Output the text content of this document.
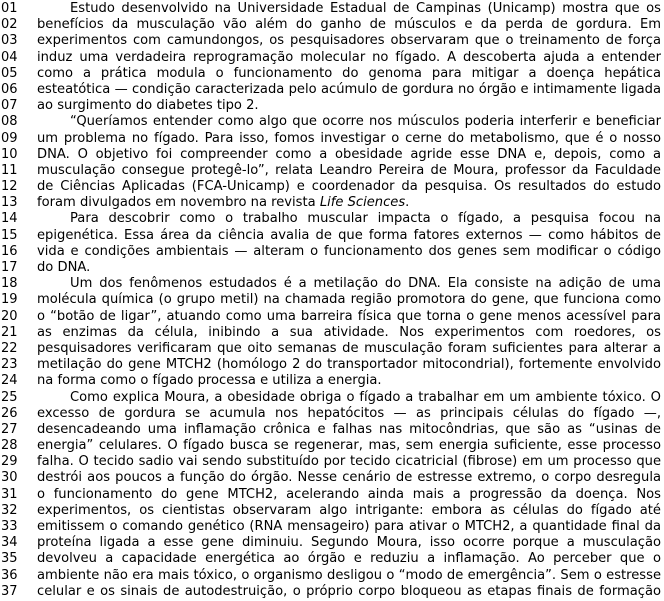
01	Estudo desenvolvido na Universidade Estadual de Campinas (Unicamp) mostra que os
02	benefícios da musculação vão além do ganho de músculos e da perda de gordura. Em
03	experimentos com camundongos, os pesquisadores observaram que o treinamento de força
04	induz uma verdadeira reprogramação molecular no fígado. A descoberta ajuda a entender
05	como a prática modula o funcionamento do genoma para mitigar a doença hepática
06	esteatótica — condição caracterizada pelo acúmulo de gordura no órgão e intimamente ligada
07	ao surgimento do diabetes tipo 2.
08	“Queríamos entender como algo que ocorre nos músculos poderia interferir e beneficiar
09	um problema no fígado. Para isso, fomos investigar o cerne do metabolismo, que é o nosso
10	DNA. O objetivo foi compreender como a obesidade agride esse DNA e, depois, como a
11	musculação consegue protegê-lo”, relata Leandro Pereira de Moura, professor da Faculdade
12	de Ciências Aplicadas (FCA-Unicamp) e coordenador da pesquisa. Os resultados do estudo
13	foram divulgados em novembro na revista Life Sciences.
14	Para descobrir como o trabalho muscular impacta o fígado, a pesquisa focou na
15	epigenética. Essa área da ciência avalia de que forma fatores externos — como hábitos de
16	vida e condições ambientais — alteram o funcionamento dos genes sem modificar o código
17	do DNA.
18	Um dos fenômenos estudados é a metilação do DNA. Ela consiste na adição de uma
19	molécula química (o grupo metil) na chamada região promotora do gene, que funciona como
20	o “botão de ligar”, atuando como uma barreira física que torna o gene menos acessível para
21	as enzimas da célula, inibindo a sua atividade. Nos experimentos com roedores, os
22	pesquisadores verificaram que oito semanas de musculação foram suficientes para alterar a
23	metilação do gene MTCH2 (homólogo 2 do transportador mitocondrial), fortemente envolvido
24	na forma como o fígado processa e utiliza a energia.
25	Como explica Moura, a obesidade obriga o fígado a trabalhar em um ambiente tóxico. O
26	excesso de gordura se acumula nos hepatócitos — as principais células do fígado —,
27	desencadeando uma inflamação crônica e falhas nas mitocôndrias, que são as “usinas de
28	energia” celulares. O fígado busca se regenerar, mas, sem energia suficiente, esse processo
29	falha. O tecido sadio vai sendo substituído por tecido cicatricial (fibrose) em um processo que
30	destrói aos poucos a função do órgão. Nesse cenário de estresse extremo, o corpo desregula
31	o funcionamento do gene MTCH2, acelerando ainda mais a progressão da doença. Nos
32	experimentos, os cientistas observaram algo intrigante: embora as células do fígado até
33	emitissem o comando genético (RNA mensageiro) para ativar o MTCH2, a quantidade final da
34	proteína ligada a esse gene diminuiu. Segundo Moura, isso ocorre porque a musculação
35	devolveu a capacidade energética ao órgão e reduziu a inflamação. Ao perceber que o
36	ambiente não era mais tóxico, o organismo desligou o “modo de emergência”. Sem o estresse
37	celular e os sinais de autodestruição, o próprio corpo bloqueou as etapas finais de formação
